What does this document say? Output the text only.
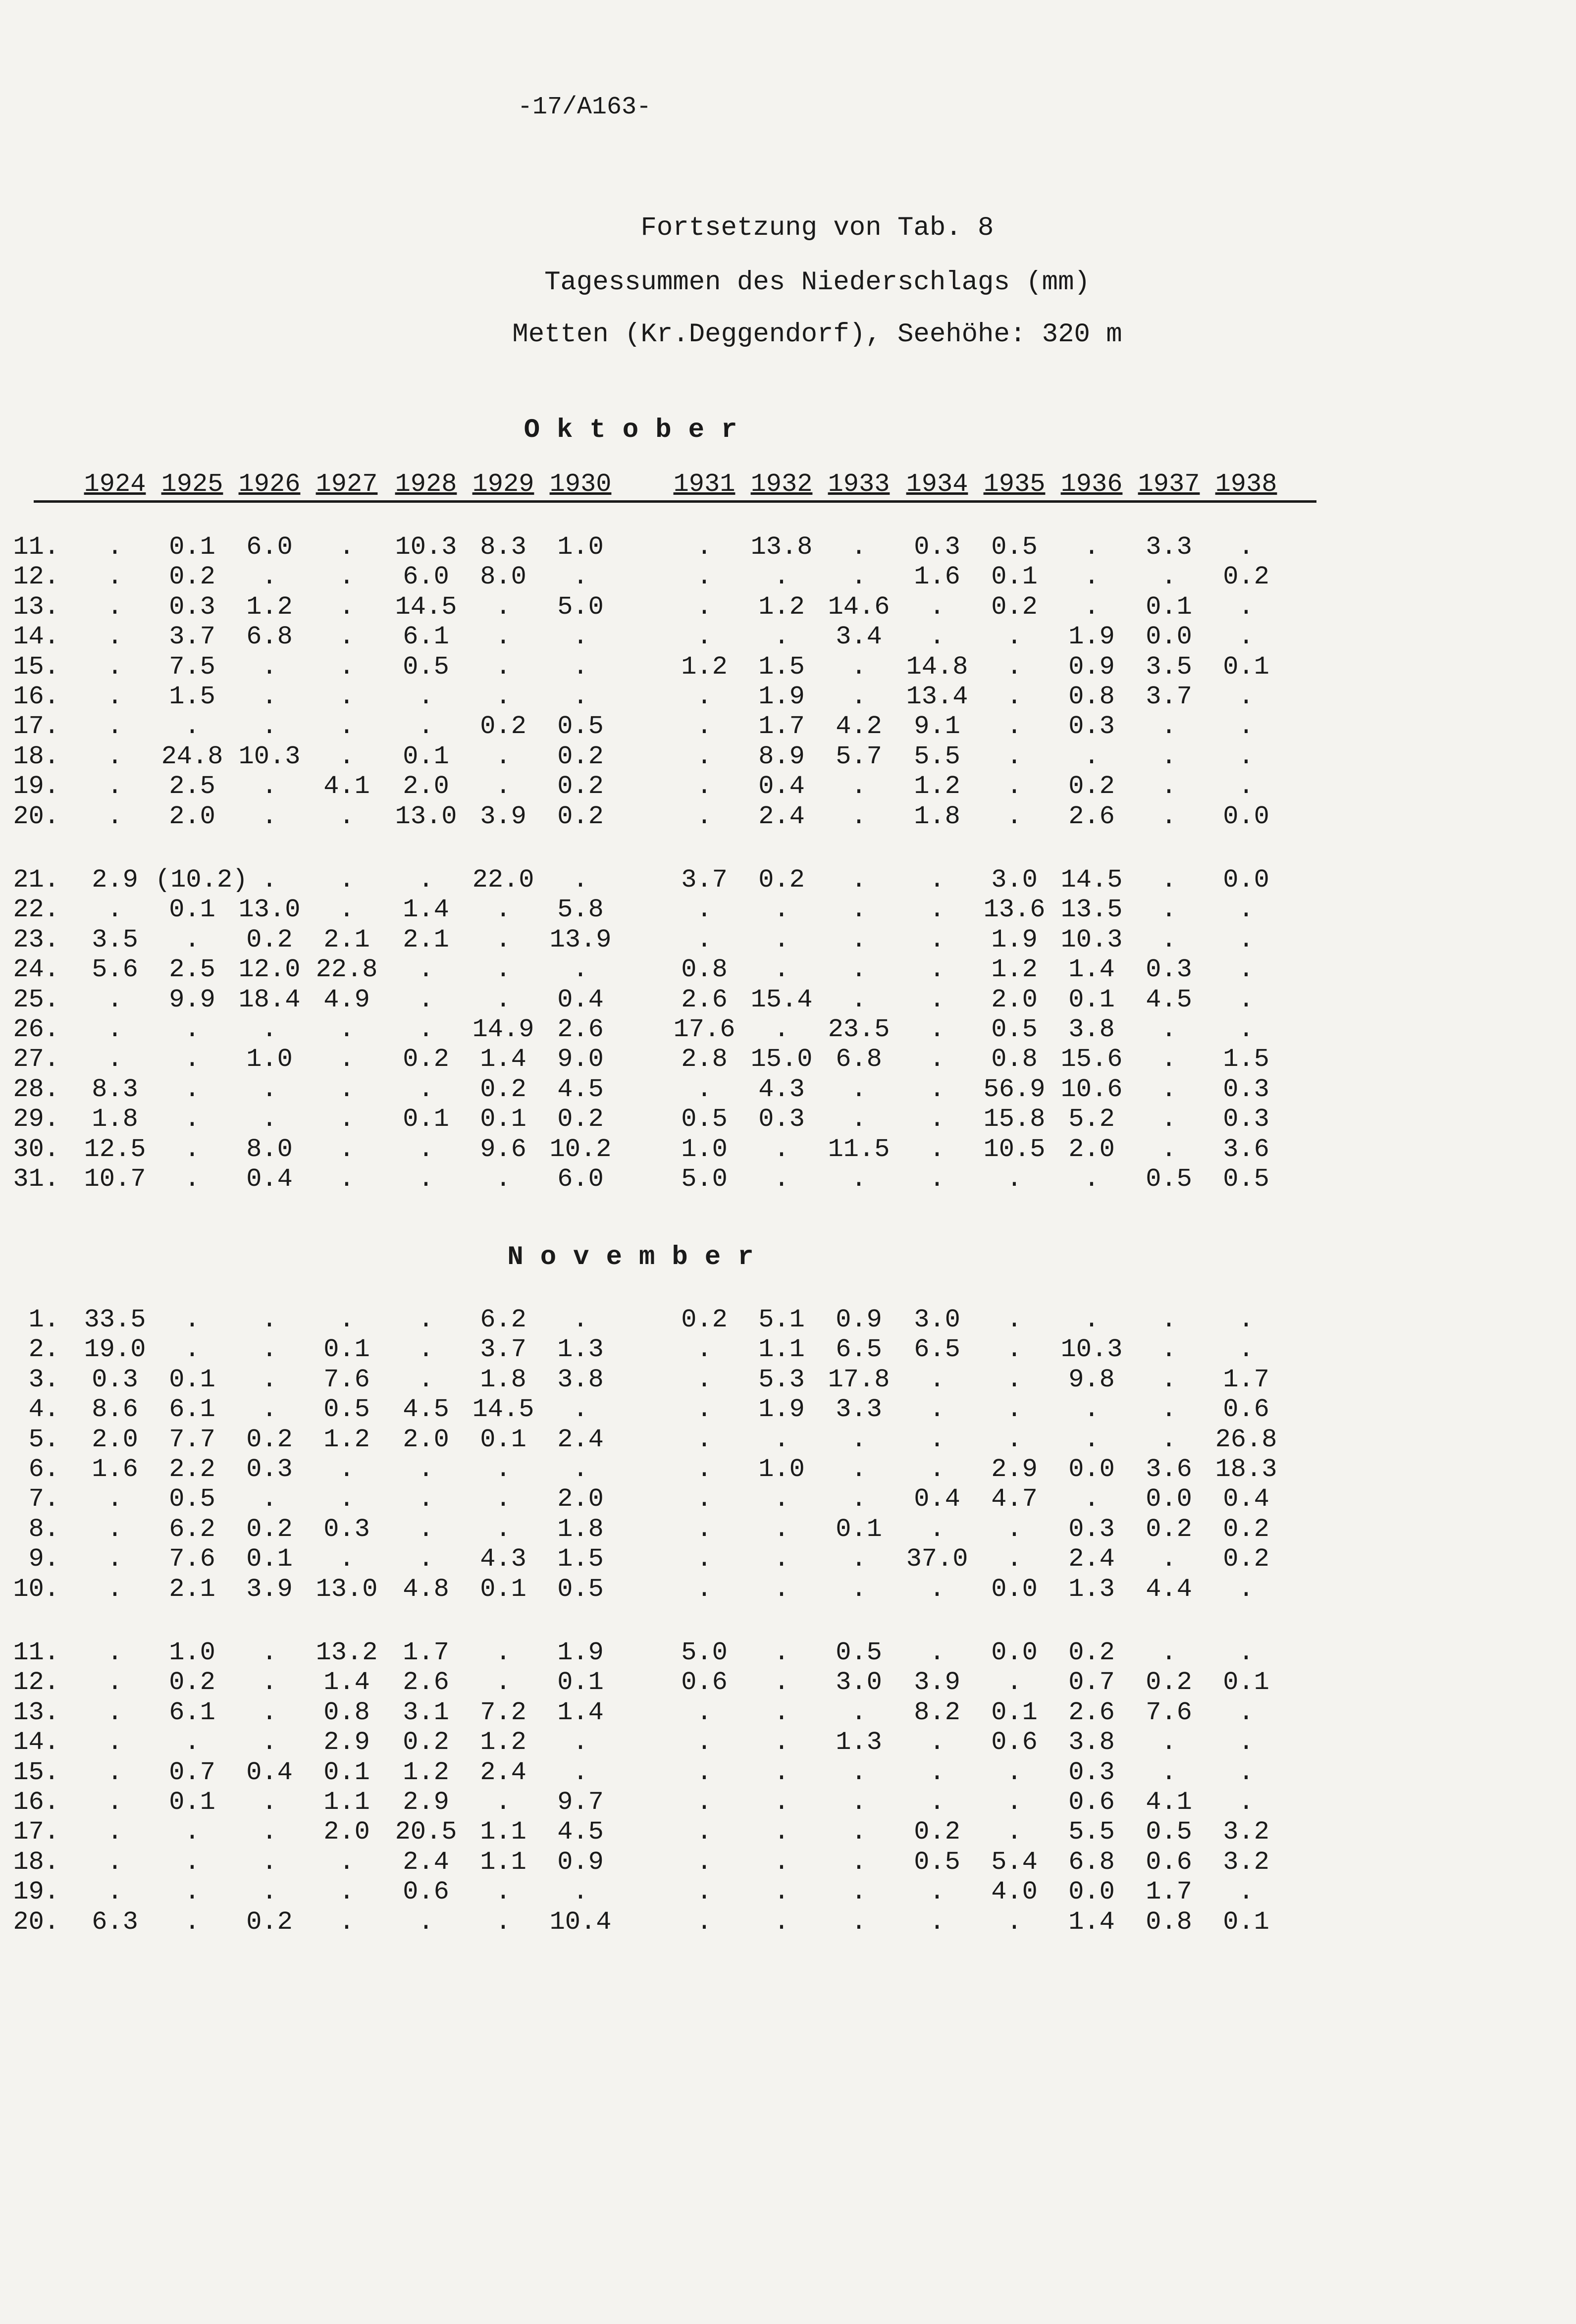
-17/A163-
Fortsetzung von Tab. 8
Tagessummen des Niederschlags (mm)
Metten (Kr.Deggendorf), Seehöhe: 320 m
Oktober
1924 1925 1926 1927 1928 1929 1930 1931 1932 1933 1934 1935 1936 1937 1938
11.	.	0.1	6.0	.	10.3 8.3	1.0	.	13.8	.	0.3	0.5	.	3.3	.
12.	.	0.2	.	.	6.0	8.0	.	.	.	.	1.6	0.1	.	.	0.2
13.	.	0.3	1.2	.	14.5	.	5.0	.	1.2 14.6	.	0.2	.	0.1	.
14.	.	3.7	6.8	.	6.1	.	.	.	.	3.4	.	.	1.9	0.0	.
15.	.	7.5	.	.	0.5	.	.	1.2	1.5	.	14.8	.	0.9	3.5	0.1
16.	.	1.5	.	.	.	.	.	.	1.9	.	13.4	.	0.8	3.7	.
17.	.	.	.	.	.	0.2	0.5	.	1.7	4.2	9.1	.	0.3	.	.
18.	.	24.8 10.3	.	0.1	.	0.2	.	8.9	5.7	5.5	.	.	.	.
19.	.	2.5	.	4.1	2.0	.	0.2	.	0.4	.	1.2	.	0.2	.	.
20.	.	2.0	.	.	13.0 3.9	0.2	.	2.4	.	1.8	.	2.6	.	0.0
21.	2.9 (10.2) .	.	.	22.0	.	3.7	0.2	.	.	3.0 14.5	.	0.0
22.	.	0.1 13.0	.	1.4	.	5.8	.	.	.	.	13.6 13.5	.	.
23.	3.5	.	0.2	2.1	2.1	.	13.9	.	.	.	.	1.9 10.3	.	.
24.	5.6	2.5 12.0 22.8	.	.	.	0.8	.	.	.	1.2	1.4	0.3	.
25.	.	9.9 18.4 4.9	.	.	0.4	2.6 15.4	.	.	2.0	0.1	4.5	.
26.	.	.	.	.	.	14.9 2.6	17.6	.	23.5	.	0.5	3.8	.	.
27.	.	.	1.0	.	0.2	1.4	9.0	2.8 15.0 6.8	.	0.8 15.6	.	1.5
28.	8.3	.	.	.	.	0.2	4.5	.	4.3	.	.	56.9 10.6	.	0.3
29.	1.8	.	.	.	0.1	0.1	0.2	0.5	0.3	.	.	15.8 5.2	.	0.3
30. 12.5	.	8.0	.	.	9.6 10.2	1.0	.	11.5	.	10.5 2.0	.	3.6
31. 10.7	.	0.4	.	.	.	6.0	5.0	.	.	.	.	.	0.5	0.5
November
1. 33.5	.	.	.	.	6.2	.	0.2	5.1	0.9	3.0	.	.	.	.
2. 19.0	.	.	0.1	.	3.7	1.3	.	1.1	6.5	6.5	.	10.3	.	.
3.	0.3	0.1	.	7.6	.	1.8	3.8	.	5.3 17.8	.	.	9.8	.	1.7
4.	8.6	6.1	.	0.5	4.5 14.5	.	.	1.9	3.3	.	.	.	.	0.6
5.	2.0	7.7	0.2	1.2	2.0	0.1	2.4	.	.	.	.	.	.	.	26.8
6.	1.6	2.2	0.3	.	.	.	.	.	1.0	.	.	2.9	0.0	3.6 18.3
7.	.	0.5	.	.	.	.	2.0	.	.	.	0.4	4.7	.	0.0	0.4
8.	.	6.2	0.2	0.3	.	.	1.8	.	.	0.1	.	.	0.3	0.2	0.2
9.	.	7.6	0.1	.	.	4.3	1.5	.	.	.	37.0	.	2.4	.	0.2
10.	.	2.1	3.9 13.0 4.8	0.1	0.5	.	.	.	.	0.0	1.3	4.4	.
11.	.	1.0	.	13.2 1.7	.	1.9	5.0	.	0.5	.	0.0	0.2	.	.
12.	.	0.2	.	1.4	2.6	.	0.1	0.6	.	3.0	3.9	.	0.7	0.2	0.1
13.	.	6.1	.	0.8	3.1	7.2	1.4	.	.	.	8.2	0.1	2.6	7.6	.
14.	.	.	.	2.9	0.2	1.2	.	.	.	1.3	.	0.6	3.8	.	.
15.	.	0.7	0.4	0.1	1.2	2.4	.	.	.	.	.	.	0.3	.	.
16.	.	0.1	.	1.1	2.9	.	9.7	.	.	.	.	.	0.6	4.1	.
17.	.	.	.	2.0 20.5 1.1	4.5	.	.	.	0.2	.	5.5	0.5	3.2
18.	.	.	.	.	2.4	1.1	0.9	.	.	.	0.5	5.4	6.8	0.6	3.2
19.	.	.	.	.	0.6	.	.	.	.	.	.	4.0	0.0	1.7	.
20.	6.3	.	0.2	.	.	.	10.4	.	.	.	.	.	1.4	0.8	0.1
